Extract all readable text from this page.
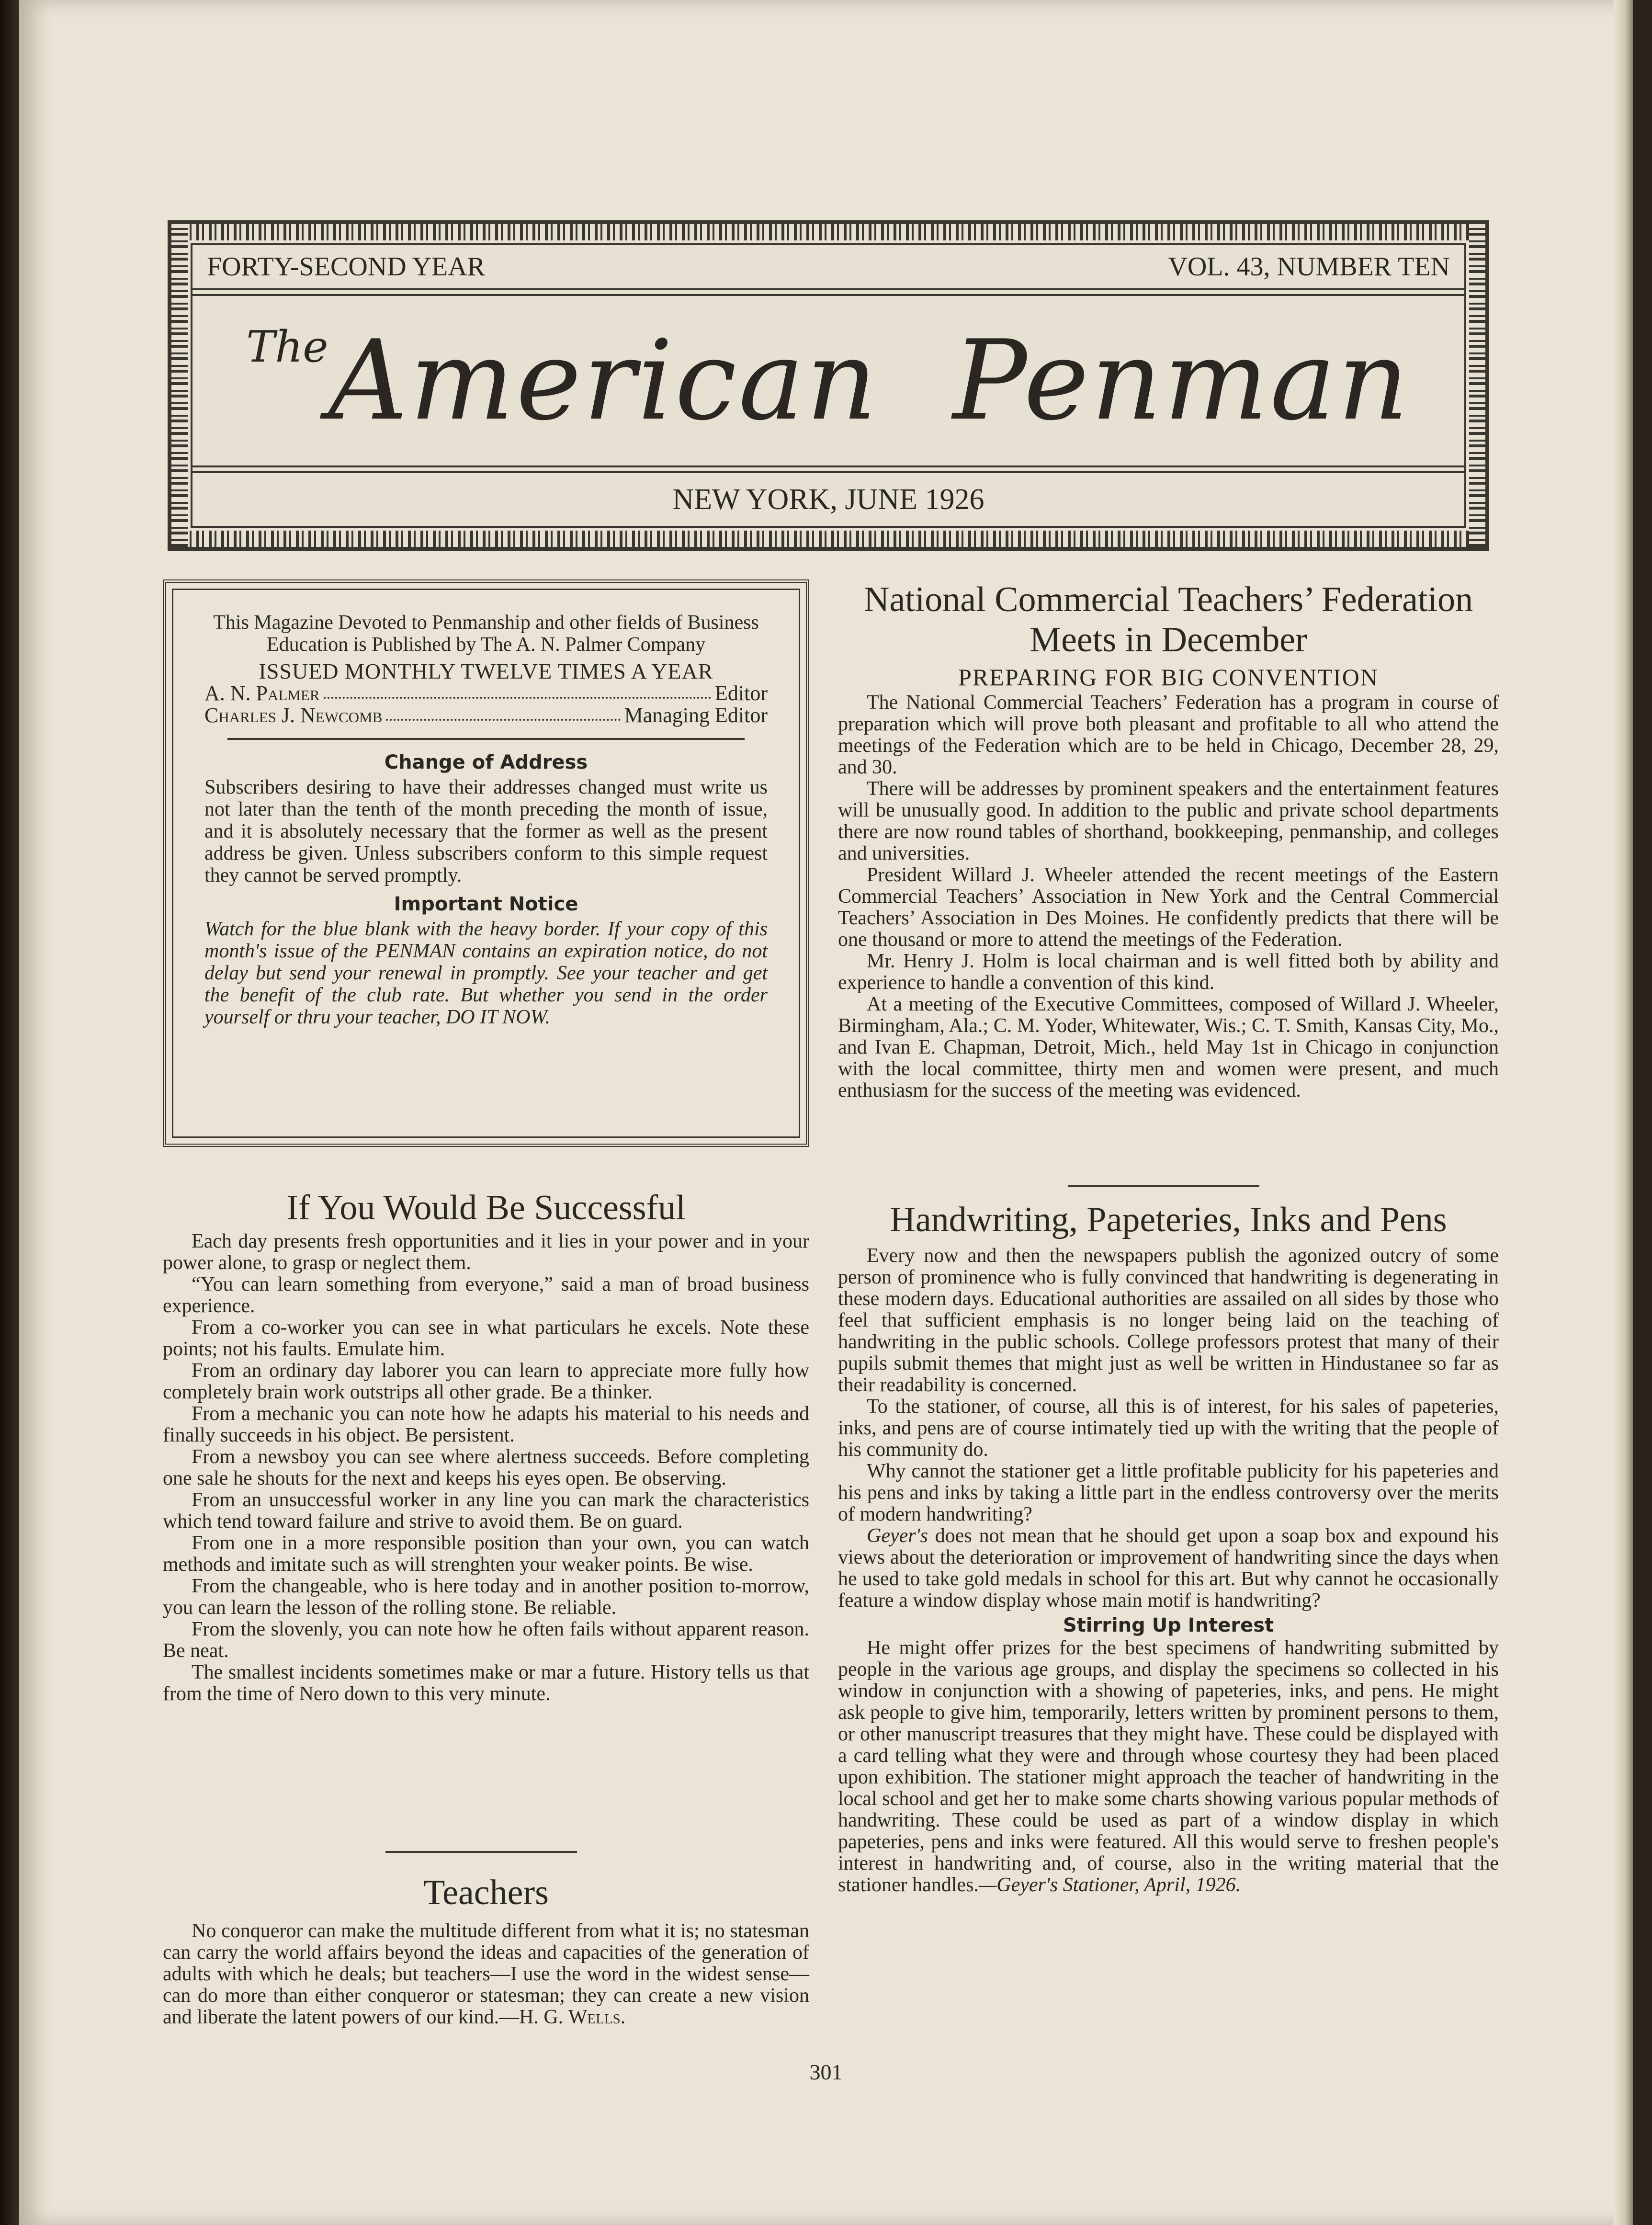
FORTY-SECOND YEAR	VOL. 43, NUMBER TEN
TheAmerican  Penman
NEW YORK, JUNE 1926
This Magazine Devoted to Penmanship and other fields of Business Education is Published by The A. N. Palmer Company
ISSUED MONTHLY TWELVE TIMES A YEAR
A. N. Palmer	Editor
Charles J. Newcomb	Managing Editor
Change of Address
Subscribers desiring to have their addresses changed must write us not later than the tenth of the month preceding the month of issue, and it is absolutely necessary that the former as well as the present address be given. Unless subscribers conform to this simple request they cannot be served promptly.
Important Notice
Watch for the blue blank with the heavy border. If your copy of this month's issue of the PENMAN contains an expiration notice, do not delay but send your renewal in promptly. See your teacher and get the benefit of the club rate. But whether you send in the order yourself or thru your teacher, DO IT NOW.
If You Would Be Successful

Each day presents fresh opportunities and it lies in your power and in your power alone, to grasp or neglect them.

“You can learn something from everyone,” said a man of broad business experience.

From a co-worker you can see in what particulars he excels. Note these points; not his faults. Emulate him.

From an ordinary day laborer you can learn to appreciate more fully how completely brain work outstrips all other grade. Be a thinker.

From a mechanic you can note how he adapts his material to his needs and finally succeeds in his object. Be persistent.

From a newsboy you can see where alertness succeeds. Before completing one sale he shouts for the next and keeps his eyes open. Be observing.

From an unsuccessful worker in any line you can mark the characteristics which tend toward failure and strive to avoid them. Be on guard.

From one in a more responsible position than your own, you can watch methods and imitate such as will strenghten your weaker points. Be wise.

From the changeable, who is here today and in another position to-morrow, you can learn the lesson of the rolling stone. Be reliable.

From the slovenly, you can note how he often fails without apparent reason. Be neat.

The smallest incidents sometimes make or mar a future. History tells us that from the time of Nero down to this very minute.

Teachers

No conqueror can make the multitude different from what it is; no statesman can carry the world affairs beyond the ideas and capacities of the generation of adults with which he deals; but teachers—I use the word in the widest sense—can do more than either conqueror or statesman; they can create a new vision and liberate the latent powers of our kind.—H. G. Wells.

National Commercial Teachers’ Federation Meets in December
PREPARING FOR BIG CONVENTION

The National Commercial Teachers’ Federation has a program in course of preparation which will prove both pleasant and profitable to all who attend the meetings of the Federation which are to be held in Chicago, December 28, 29, and 30.

There will be addresses by prominent speakers and the entertainment features will be unusually good. In addition to the public and private school departments there are now round tables of shorthand, bookkeeping, penmanship, and colleges and universities.

President Willard J. Wheeler attended the recent meetings of the Eastern Commercial Teachers’ Association in New York and the Central Commercial Teachers’ Association in Des Moines. He confidently predicts that there will be one thousand or more to attend the meetings of the Federation.

Mr. Henry J. Holm is local chairman and is well fitted both by ability and experience to handle a convention of this kind.

At a meeting of the Executive Committees, composed of Willard J. Wheeler, Birmingham, Ala.; C. M. Yoder, Whitewater, Wis.; C. T. Smith, Kansas City, Mo., and Ivan E. Chapman, Detroit, Mich., held May 1st in Chicago in conjunction with the local committee, thirty men and women were present, and much enthusiasm for the success of the meeting was evidenced.

Handwriting, Papeteries, Inks and Pens

Every now and then the newspapers publish the agonized outcry of some person of prominence who is fully convinced that handwriting is degenerating in these modern days. Educational authorities are assailed on all sides by those who feel that sufficient emphasis is no longer being laid on the teaching of handwriting in the public schools. College professors protest that many of their pupils submit themes that might just as well be written in Hindustanee so far as their readability is concerned.

To the stationer, of course, all this is of interest, for his sales of papeteries, inks, and pens are of course intimately tied up with the writing that the people of his community do.

Why cannot the stationer get a little profitable publicity for his papeteries and his pens and inks by taking a little part in the endless controversy over the merits of modern handwriting?

Geyer's does not mean that he should get upon a soap box and expound his views about the deterioration or improvement of handwriting since the days when he used to take gold medals in school for this art. But why cannot he occasionally feature a window display whose main motif is handwriting?

Stirring Up Interest

He might offer prizes for the best specimens of handwriting submitted by people in the various age groups, and display the specimens so collected in his window in conjunction with a showing of papeteries, inks, and pens. He might ask people to give him, temporarily, letters written by prominent persons to them, or other manuscript treasures that they might have. These could be displayed with a card telling what they were and through whose courtesy they had been placed upon exhibition. The stationer might approach the teacher of handwriting in the local school and get her to make some charts showing various popular methods of handwriting. These could be used as part of a window display in which papeteries, pens and inks were featured. All this would serve to freshen people's interest in handwriting and, of course, also in the writing material that the stationer handles.—Geyer's Stationer, April, 1926.

301
